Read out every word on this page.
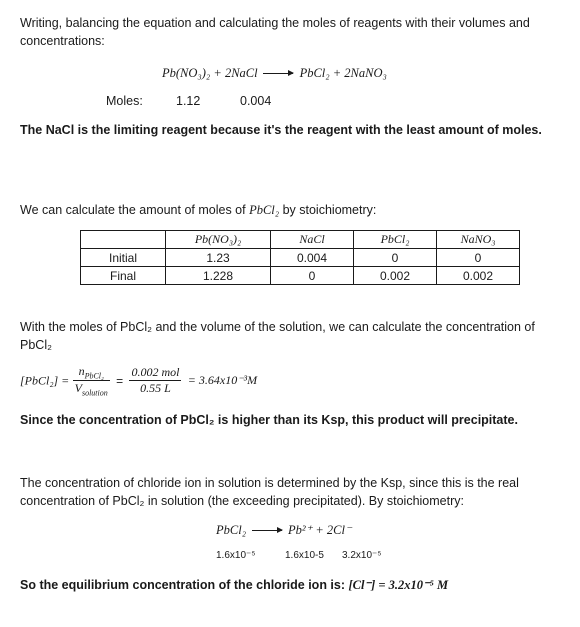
Writing, balancing the equation and calculating the moles of reagents with their volumes and concentrations:
Pb(NO₃)₂ + 2NaCl → PbCl₂ + 2NaNO₃
Moles:	1.12	0.004
The NaCl is the limiting reagent because it's the reagent with the least amount of moles.
We can calculate the amount of moles of PbCl₂ by stoichiometry:
	Pb(NO₃)₂	NaCl	PbCl₂	NaNO₃
Initial	1.23	0.004	0	0
Final	1.228	0	0.002	0.002
With the moles of PbCl₂ and the volume of the solution, we can calculate the concentration of PbCl₂
[PbCl₂] = $\frac{n_{PbCl_2}}{V_{solution}} = \frac{\text{0.002 mol}}{0.55 L} = 3.64x10^{-3}M$
Since the concentration of PbCl₂ is higher than its Ksp, this product will precipitate.
The concentration of chloride ion in solution is determined by the Ksp, since this is the real concentration of PbCl₂ in solution (the exceeding precipitated). By stoichiometry:
PbCl₂ → Pb²⁺ + 2Cl⁻
1.6x10⁻⁵	1.6x10-5 3.2x10⁻⁵
So the equilibrium concentration of the chloride ion is: [Cl⁻] = 3.2x10⁻⁵ M
